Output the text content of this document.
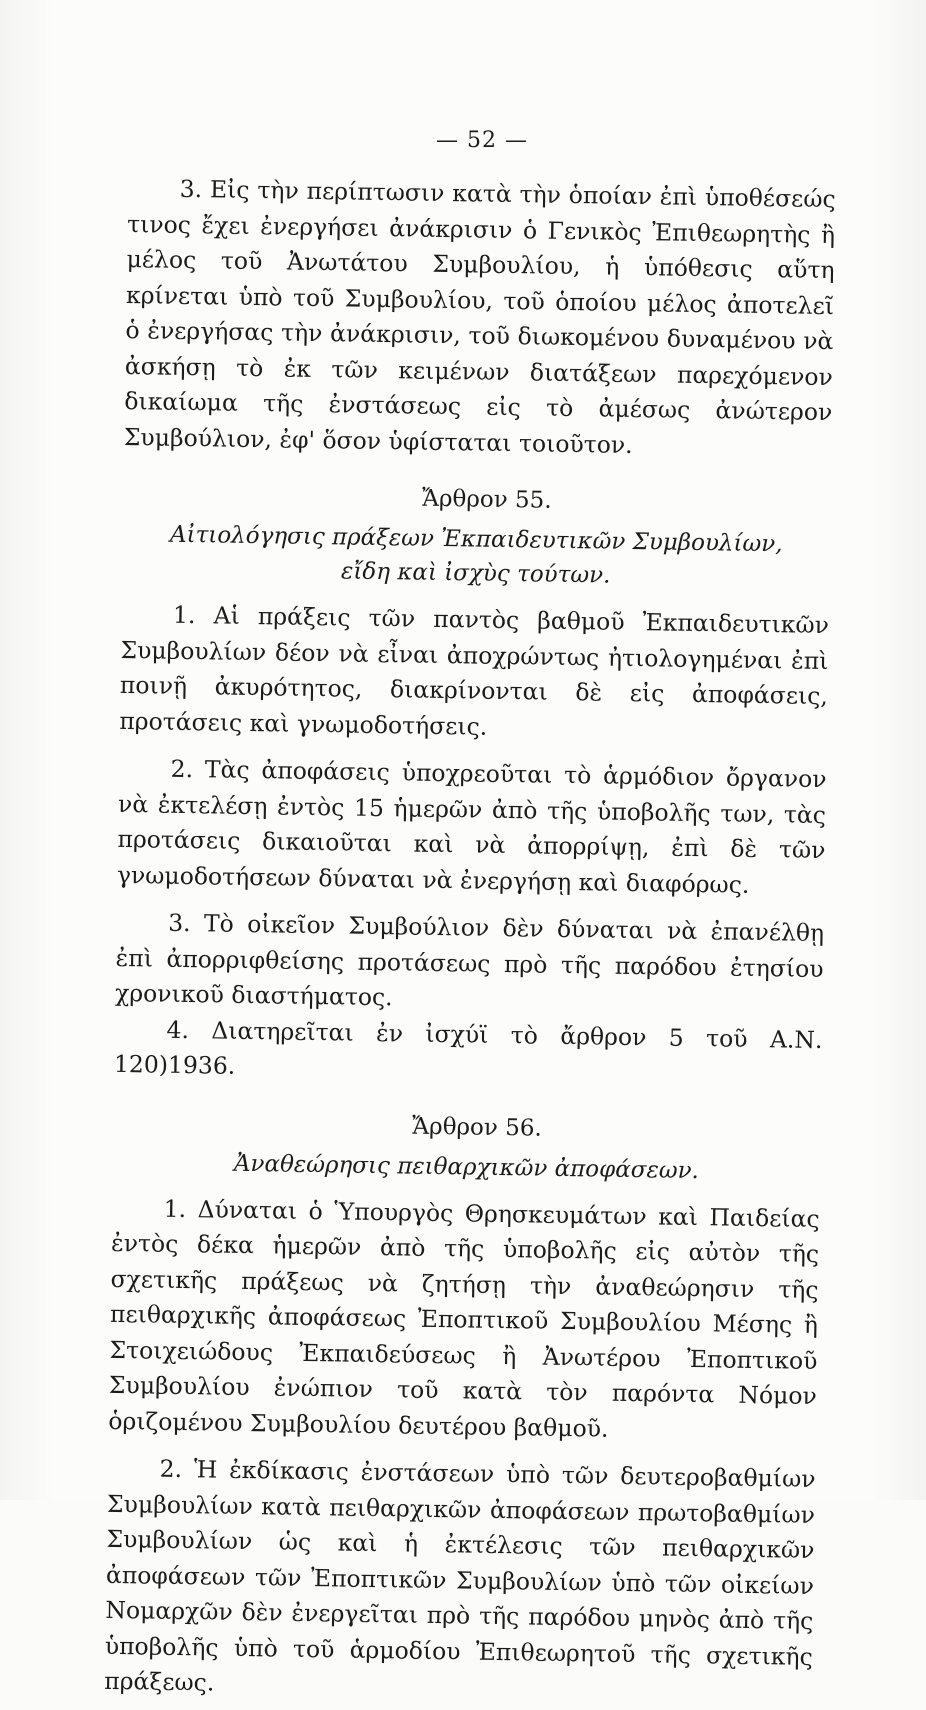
— 52 —

3. Εἰς τὴν περίπτωσιν κατὰ τὴν ὁποίαν ἐπὶ ὑποθέσεώς τινος ἔχει ἐνεργήσει ἀνάκρισιν ὁ Γενικὸς Ἐπιθεωρητὴς ἢ μέλος τοῦ Ἀνωτάτου Συμβουλίου, ἡ ὑπόθεσις αὕτη κρίνεται ὑπὸ τοῦ Συμβουλίου, τοῦ ὁποίου μέλος ἀποτελεῖ ὁ ἐνεργήσας τὴν ἀνάκρισιν, τοῦ διωκομένου δυναμένου νὰ ἀσκήσῃ τὸ ἐκ τῶν κειμένων διατάξεων παρεχόμενον δικαίωμα τῆς ἐνστάσεως εἰς τὸ ἀμέσως ἀνώτερον Συμβούλιον, ἐφ' ὅσον ὑφίσταται τοιοῦτον.

Ἄρθρον 55.
Αἰτιολόγησις πράξεων Ἐκπαιδευτικῶν Συμβουλίων,
εἴδη καὶ ἰσχὺς τούτων.

1. Αἱ πράξεις τῶν παντὸς βαθμοῦ Ἐκπαιδευτικῶν Συμβουλίων δέον νὰ εἶναι ἀποχρώντως ἠτιολογημέναι ἐπὶ ποινῇ ἀκυρότητος, διακρίνονται δὲ εἰς ἀποφάσεις, προτάσεις καὶ γνωμοδοτήσεις.

2. Τὰς ἀποφάσεις ὑποχρεοῦται τὸ ἁρμόδιον ὄργανον νὰ ἐκτελέσῃ ἐντὸς 15 ἡμερῶν ἀπὸ τῆς ὑποβολῆς των, τὰς προτάσεις δικαιοῦται καὶ νὰ ἀπορρίψῃ, ἐπὶ δὲ τῶν γνωμοδοτήσεων δύναται νὰ ἐνεργήσῃ καὶ διαφόρως.

3. Τὸ οἰκεῖον Συμβούλιον δὲν δύναται νὰ ἐπανέλθῃ ἐπὶ ἀπορριφθείσης προτάσεως πρὸ τῆς παρόδου ἐτησίου χρονικοῦ διαστήματος.

4. Διατηρεῖται ἐν ἰσχύϊ τὸ ἄρθρον 5 τοῦ Α.Ν. 120)1936.

Ἄρθρον 56.
Ἀναθεώρησις πειθαρχικῶν ἀποφάσεων.

1. Δύναται ὁ Ὑπουργὸς Θρησκευμάτων καὶ Παιδείας ἐντὸς δέκα ἡμερῶν ἀπὸ τῆς ὑποβολῆς εἰς αὐτὸν τῆς σχετικῆς πράξεως νὰ ζητήσῃ τὴν ἀναθεώρησιν τῆς πειθαρχικῆς ἀποφάσεως Ἐποπτικοῦ Συμβουλίου Μέσης ἢ Στοιχειώδους Ἐκπαιδεύσεως ἢ Ἀνωτέρου Ἐποπτικοῦ Συμβουλίου ἐνώπιον τοῦ κατὰ τὸν παρόντα Νόμον ὁριζομένου Συμβουλίου δευτέρου βαθμοῦ.

2. Ἡ ἐκδίκασις ἐνστάσεων ὑπὸ τῶν δευτεροβαθμίων Συμβουλίων κατὰ πειθαρχικῶν ἀποφάσεων πρωτοβαθμίων Συμβουλίων ὡς καὶ ἡ ἐκτέλεσις τῶν πειθαρχικῶν ἀποφάσεων τῶν Ἐποπτικῶν Συμβουλίων ὑπὸ τῶν οἰκείων Νομαρχῶν δὲν ἐνεργεῖται πρὸ τῆς παρόδου μηνὸς ἀπὸ τῆς ὑποβολῆς ὑπὸ τοῦ ἁρμοδίου Ἐπιθεωρητοῦ τῆς σχετικῆς πράξεως.
